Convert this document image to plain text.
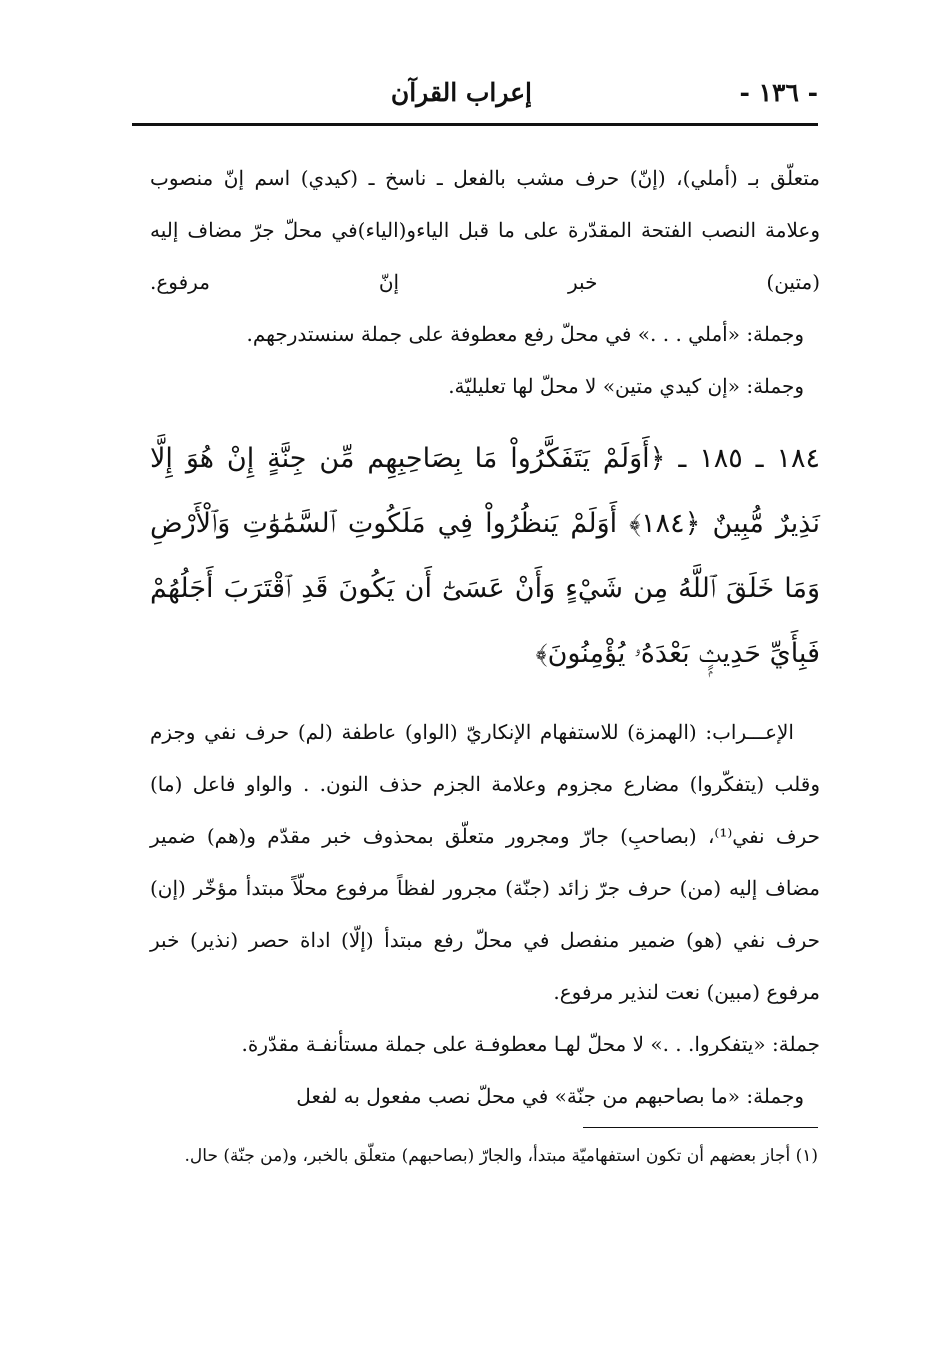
- ١٣٦ -
إعراب القرآن

متعلّق بـ (أملي)، (إنّ) حرف مشب بالفعل ـ ناسخ ـ (كيدي) اسم إنّ منصوب وعلامة النصب الفتحة المقدّرة على ما قبل الياءو(الياء)في محلّ جرّ مضاف إليه (متين) خبر إنّ مرفوع.

وجملة: «أملي . . .» في محلّ رفع معطوفة على جملة سنستدرجهم.

وجملة: «إن كيدي متين» لا محلّ لها تعليليّة.

١٨٤ ـ ١٨٥ ـ ﴿أَوَلَمْ يَتَفَكَّرُواْ مَا بِصَاحِبِهِم مِّن جِنَّةٍ إِنْ هُوَ إِلَّا نَذِيرٌ مُّبِينٌ ﴿١٨٤﴾ أَوَلَمْ يَنظُرُواْ فِي مَلَكُوتِ ٱلسَّمَٰوَٰتِ وَٱلْأَرْضِ وَمَا خَلَقَ ٱللَّهُ مِن شَيْءٍ وَأَنْ عَسَىٰٓ أَن يَكُونَ قَدِ ٱقْتَرَبَ أَجَلُهُمْ فَبِأَيِّ حَدِيثٍۭ بَعْدَهُۥ يُؤْمِنُونَ﴾

الإعـــراب: (الهمزة) للاستفهام الإنكاريّ (الواو) عاطفة (لم) حرف نفي وجزم وقلب (يتفكّروا) مضارع مجزوم وعلامة الجزم حذف النون. . والواو فاعل (ما) حرف نفي⁽¹⁾، (بصاحبِ) جارّ ومجرور متعلّق بمحذوف خبر مقدّم و(هم) ضمير مضاف إليه (من) حرف جرّ زائد (جنّة) مجرور لفظاً مرفوع محلّاً مبتدأ مؤخّر (إن) حرف نفي (هو) ضمير منفصل في محلّ رفع مبتدأ (إلّا) اداة حصر (نذير) خبر مرفوع (مبين) نعت لنذير مرفوع.

جملة: «يتفكروا. . .» لا محلّ لهـا معطوفـة على جملة مستأنفـة مقدّرة.

وجملة: «ما بصاحبهم من جنّة» في محلّ نصب مفعول به لفعل

(١) أجاز بعضهم أن تكون استفهاميّة مبتدأ، والجارّ (بصاحبهم) متعلّق بالخبر، و(من جنّة) حال.
